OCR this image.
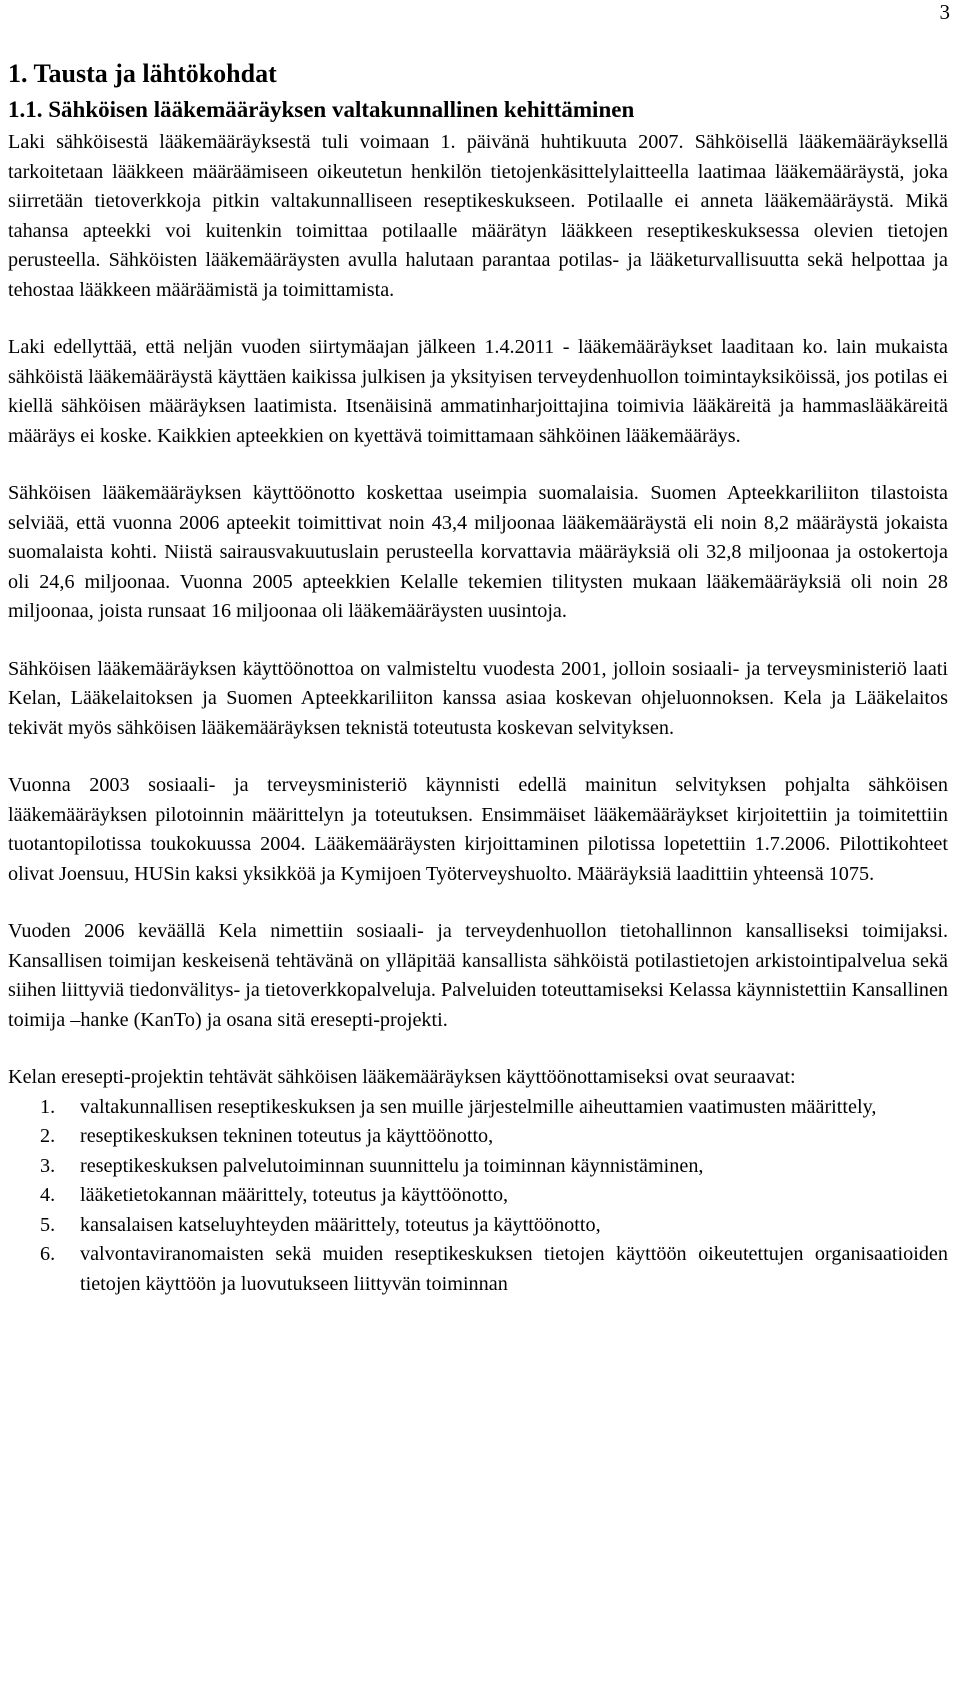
3
1. Tausta ja lähtökohdat
1.1. Sähköisen lääkemääräyksen valtakunnallinen kehittäminen

Laki sähköisestä lääkemääräyksestä tuli voimaan 1. päivänä huhtikuuta 2007. Sähköisellä lääkemääräyksellä tarkoitetaan lääkkeen määräämiseen oikeutetun henkilön tietojenkäsittelylaitteella laatimaa lääkemääräystä, joka siirretään tietoverkkoja pitkin valtakunnalliseen reseptikeskukseen. Potilaalle ei anneta lääkemääräystä. Mikä tahansa apteekki voi kuitenkin toimittaa potilaalle määrätyn lääkkeen reseptikeskuksessa olevien tietojen perusteella. Sähköisten lääkemääräysten avulla halutaan parantaa potilas- ja lääketurvallisuutta sekä helpottaa ja tehostaa lääkkeen määräämistä ja toimittamista.

Laki edellyttää, että neljän vuoden siirtymäajan jälkeen 1.4.2011 - lääkemääräykset laaditaan ko. lain mukaista sähköistä lääkemääräystä käyttäen kaikissa julkisen ja yksityisen terveydenhuollon toimintayksiköissä, jos potilas ei kiellä sähköisen määräyksen laatimista. Itsenäisinä ammatinharjoittajina toimivia lääkäreitä ja hammaslääkäreitä määräys ei koske. Kaikkien apteekkien on kyettävä toimittamaan sähköinen lääkemääräys.

Sähköisen lääkemääräyksen käyttöönotto koskettaa useimpia suomalaisia. Suomen Apteekkariliiton tilastoista selviää, että vuonna 2006 apteekit toimittivat noin 43,4 miljoonaa lääkemääräystä eli noin 8,2 määräystä jokaista suomalaista kohti. Niistä sairausvakuutuslain perusteella korvattavia määräyksiä oli 32,8 miljoonaa ja ostokertoja oli 24,6 miljoonaa. Vuonna 2005 apteekkien Kelalle tekemien tilitysten mukaan lääkemääräyksiä oli noin 28 miljoonaa, joista runsaat 16 miljoonaa oli lääkemääräysten uusintoja.

Sähköisen lääkemääräyksen käyttöönottoa on valmisteltu vuodesta 2001, jolloin sosiaali- ja terveysministeriö laati Kelan, Lääkelaitoksen ja Suomen Apteekkariliiton kanssa asiaa koskevan ohjeluonnoksen. Kela ja Lääkelaitos tekivät myös sähköisen lääkemääräyksen teknistä toteutusta koskevan selvityksen.

Vuonna 2003 sosiaali- ja terveysministeriö käynnisti edellä mainitun selvityksen pohjalta sähköisen lääkemääräyksen pilotoinnin määrittelyn ja toteutuksen. Ensimmäiset lääkemääräykset kirjoitettiin ja toimitettiin tuotantopilotissa toukokuussa 2004. Lääkemääräysten kirjoittaminen pilotissa lopetettiin 1.7.2006. Pilottikohteet olivat Joensuu, HUSin kaksi yksikköä ja Kymijoen Työterveyshuolto. Määräyksiä laadittiin yhteensä 1075.

Vuoden 2006 keväällä Kela nimettiin sosiaali- ja terveydenhuollon tietohallinnon kansalliseksi toimijaksi. Kansallisen toimijan keskeisenä tehtävänä on ylläpitää kansallista sähköistä potilastietojen arkistointipalvelua sekä siihen liittyviä tiedonvälitys- ja tietoverkkopalveluja. Palveluiden toteuttamiseksi Kelassa käynnistettiin Kansallinen toimija –hanke (KanTo) ja osana sitä eresepti-projekti.

Kelan eresepti-projektin tehtävät sähköisen lääkemääräyksen käyttöönottamiseksi ovat seuraavat:

1.	valtakunnallisen reseptikeskuksen ja sen muille järjestelmille aiheuttamien vaatimusten määrittely,
2.	reseptikeskuksen tekninen toteutus ja käyttöönotto,
3.	reseptikeskuksen palvelutoiminnan suunnittelu ja toiminnan käynnistäminen,
4.	lääketietokannan määrittely, toteutus ja käyttöönotto,
5.	kansalaisen katseluyhteyden määrittely, toteutus ja käyttöönotto,
6.	valvontaviranomaisten sekä muiden reseptikeskuksen tietojen käyttöön oikeutettujen organisaatioiden tietojen käyttöön ja luovutukseen liittyvän toiminnan
